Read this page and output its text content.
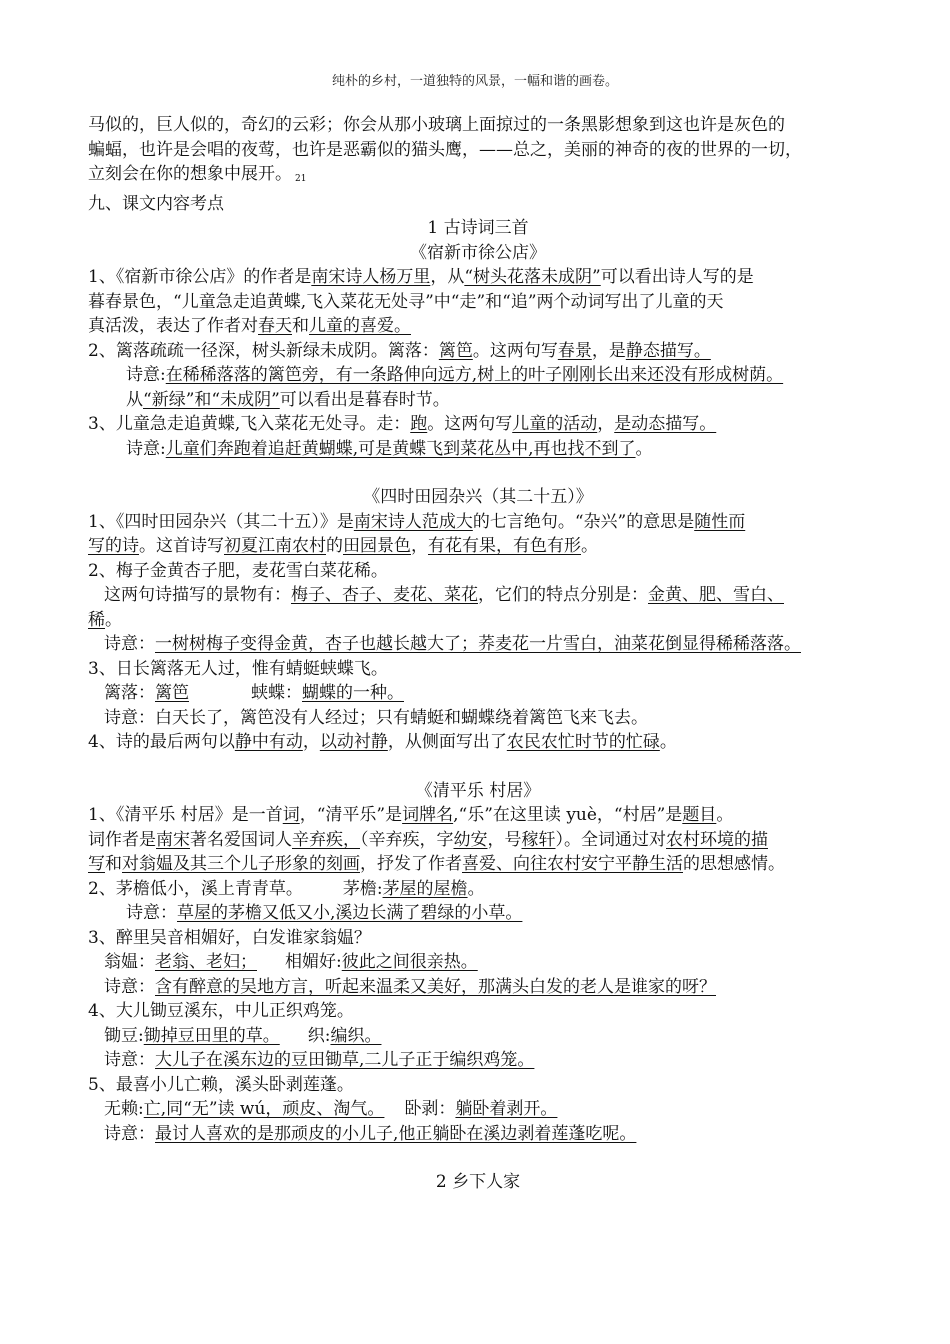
纯朴的乡村，一道独特的风景，一幅和谐的画卷。

马似的，巨人似的，奇幻的云彩；你会从那小玻璃上面掠过的一条黑影想象到这也许是灰色的

蝙蝠，也许是会唱的夜莺，也许是恶霸似的猫头鹰，——总之，美丽的神奇的夜的世界的一切，

立刻会在你的想象中展开。 $_{21}$

九、课文内容考点

1 古诗词三首

《宿新市徐公店》

1、《宿新市徐公店》的作者是南宋诗人杨万里，从“树头花落未成阴”可以看出诗人写的是

暮春景色，“儿童急走追黄蝶,飞入菜花无处寻”中“走”和“追”两个动词写出了儿童的天

真活泼，表达了作者对春天和儿童的喜爱。

2、篱落疏疏一径深，树头新绿未成阴。篱落：篱笆。这两句写春景，是静态描写。

诗意:在稀稀落落的篱笆旁，有一条路伸向远方,树上的叶子刚刚长出来还没有形成树荫。

从“新绿”和“未成阴”可以看出是暮春时节。

3、儿童急走追黄蝶,飞入菜花无处寻。走：跑。这两句写儿童的活动，是动态描写。

诗意:儿童们奔跑着追赶黄蝴蝶,可是黄蝶飞到菜花丛中,再也找不到了。

《四时田园杂兴（其二十五）》

1、《四时田园杂兴（其二十五）》是南宋诗人范成大的七言绝句。“杂兴”的意思是随性而

写的诗。这首诗写初夏江南农村的田园景色，有花有果，有色有形。

2、梅子金黄杏子肥，麦花雪白菜花稀。

这两句诗描写的景物有：梅子、杏子、麦花、菜花，它们的特点分别是：金黄、肥、雪白、

稀。

诗意：一树树梅子变得金黄，杏子也越长越大了；荞麦花一片雪白，油菜花倒显得稀稀落落。

3、日长篱落无人过，惟有蜻蜓蛱蝶飞。

篱落：篱笆	蛱蝶：蝴蝶的一种。

诗意：白天长了，篱笆没有人经过；只有蜻蜓和蝴蝶绕着篱笆飞来飞去。

4、诗的最后两句以静中有动，以动衬静，从侧面写出了农民农忙时节的忙碌。

《清平乐 村居》

1、《清平乐 村居》是一首词，“清平乐”是词牌名,“乐”在这里读 yuè，“村居”是题目。

词作者是南宋著名爱国词人辛弃疾，（辛弃疾，字幼安，号稼轩）。全词通过对农村环境的描

写和对翁媪及其三个儿子形象的刻画，抒发了作者喜爱、向往农村安宁平静生活的思想感情。

2、茅檐低小，溪上青青草。 茅檐:茅屋的屋檐。

诗意：草屋的茅檐又低又小,溪边长满了碧绿的小草。

3、醉里吴音相媚好，白发谁家翁媪？

翁媪：老翁、老妇； 相媚好:彼此之间很亲热。

诗意：含有醉意的吴地方言，听起来温柔又美好，那满头白发的老人是谁家的呀？

4、大儿锄豆溪东，中儿正织鸡笼。

锄豆:锄掉豆田里的草。 织:编织。

诗意：大儿子在溪东边的豆田锄草,二儿子正于编织鸡笼。

5、最喜小儿亡赖，溪头卧剥莲蓬。

无赖:亡,同“无”读 wú，顽皮、淘气。 卧剥：躺卧着剥开。

诗意：最讨人喜欢的是那顽皮的小儿子,他正躺卧在溪边剥着莲蓬吃呢。

2 乡下人家
